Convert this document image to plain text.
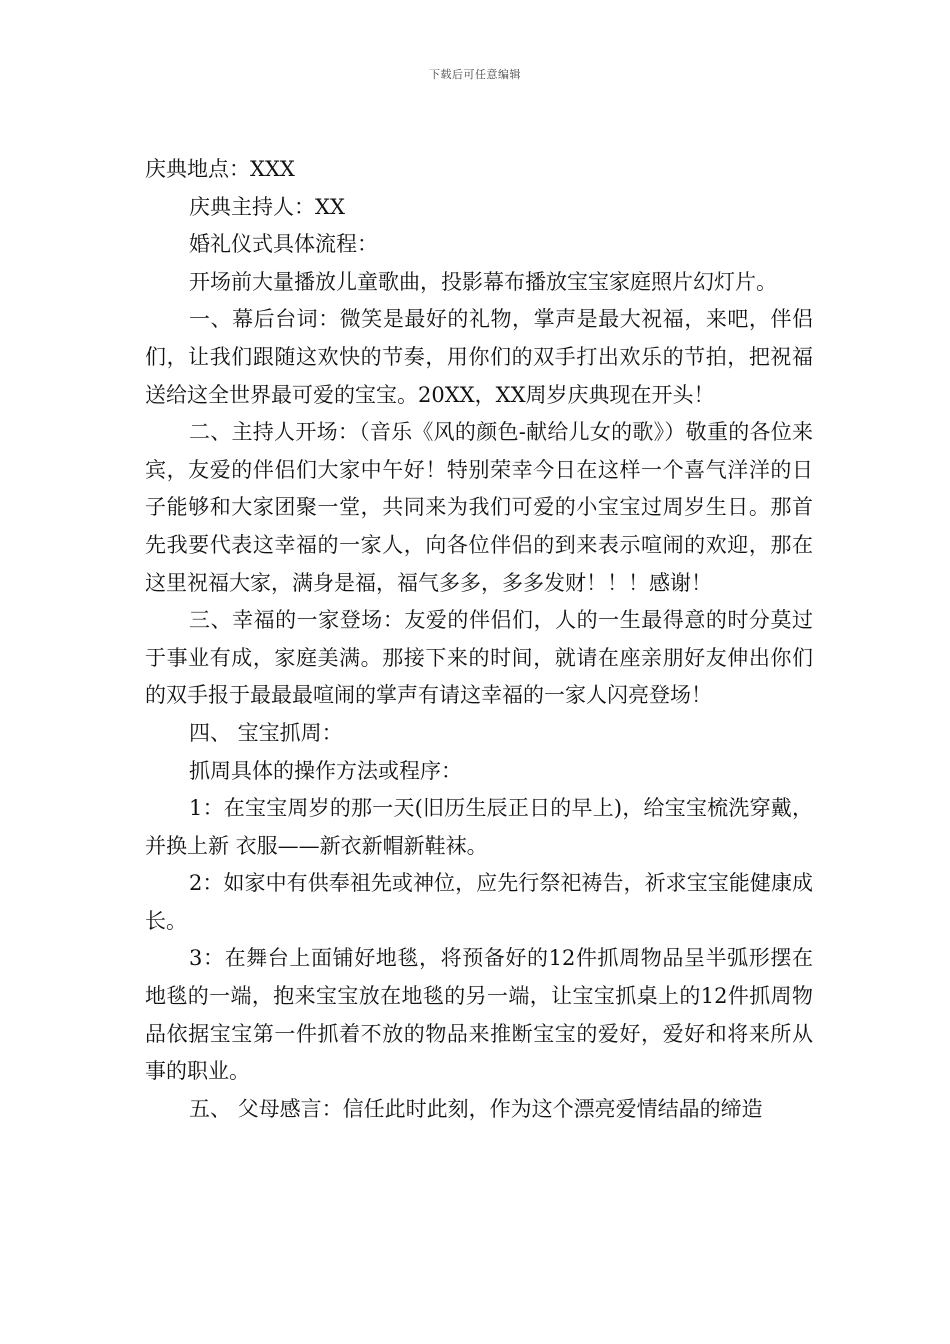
下载后可任意编辑

庆典地点：XXX

庆典主持人：XX

婚礼仪式具体流程：

开场前大量播放儿童歌曲，投影幕布播放宝宝家庭照片幻灯片。

一、幕后台词：微笑是最好的礼物，掌声是最大祝福，来吧，伴侣们，让我们跟随这欢快的节奏，用你们的双手打出欢乐的节拍，把祝福送给这全世界最可爱的宝宝。20XX，XX周岁庆典现在开头！

二、主持人开场：（音乐《风的颜色-献给儿女的歌》）敬重的各位来宾，友爱的伴侣们大家中午好！特别荣幸今日在这样一个喜气洋洋的日子能够和大家团聚一堂，共同来为我们可爱的小宝宝过周岁生日。那首先我要代表这幸福的一家人，向各位伴侣的到来表示喧闹的欢迎，那在这里祝福大家，满身是福，福气多多，多多发财！！！感谢！

三、幸福的一家登场：友爱的伴侣们，人的一生最得意的时分莫过于事业有成，家庭美满。那接下来的时间，就请在座亲朋好友伸出你们的双手报于最最最喧闹的掌声有请这幸福的一家人闪亮登场！

四、 宝宝抓周：

抓周具体的操作方法或程序：

1：在宝宝周岁的那一天(旧历生辰正日的早上)，给宝宝梳洗穿戴，并换上新 衣服——新衣新帽新鞋袜。

2：如家中有供奉祖先或神位，应先行祭祀祷告，祈求宝宝能健康成长。

3：在舞台上面铺好地毯，将预备好的12件抓周物品呈半弧形摆在地毯的一端，抱来宝宝放在地毯的另一端，让宝宝抓桌上的12件抓周物品依据宝宝第一件抓着不放的物品来推断宝宝的爱好，爱好和将来所从事的职业。

五、 父母感言：信任此时此刻，作为这个漂亮爱情结晶的缔造
